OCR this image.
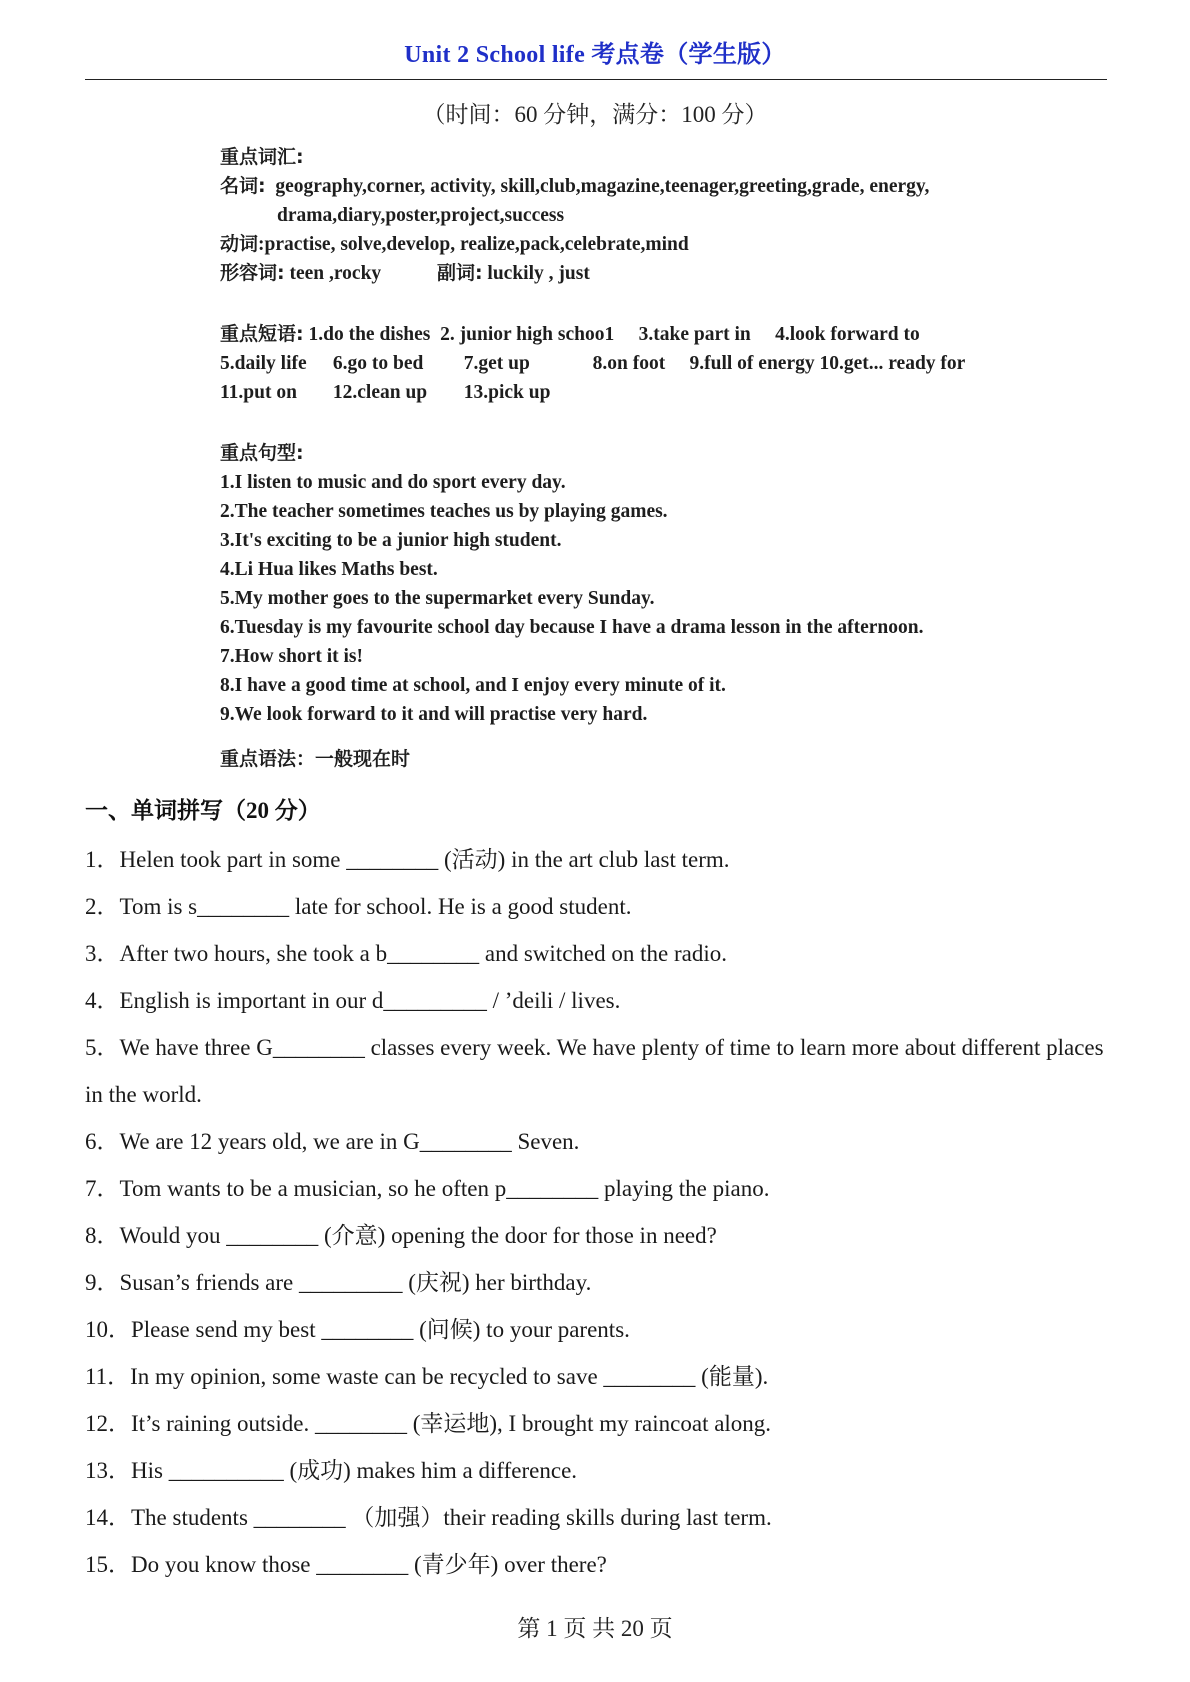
Unit 2 School life 考点卷（学生版）
（时间：60 分钟，满分：100 分）
重点词汇:
名词: geography,corner, activity, skill,club,magazine,teenager,greeting,grade, energy,
drama,diary,poster,project,success
动词:practise, solve,develop, realize,pack,celebrate,mind
形容词: teen ,rocky	副词: luckily , just
重点短语: 1.do the dishes 2. junior high schoo1 3.take part in 4.look forward to
5.daily life 6.go to bed 7.get up	8.on foot 9.full of energy 10.get... ready for
11.put on 12.clean up 13.pick up
重点句型:
1.I listen to music and do sport every day.
2.The teacher sometimes teaches us by playing games.
3.It's exciting to be a junior high student.
4.Li Hua likes Maths best.
5.My mother goes to the supermarket every Sunday.
6.Tuesday is my favourite school day because I have a drama lesson in the afternoon.
7.How short it is!
8.I have a good time at school, and I enjoy every minute of it.
9.We look forward to it and will practise very hard.
重点语法：一般现在时
一、单词拼写（20 分）
1．Helen took part in some ________ (活动) in the art club last term.
2．Tom is s________ late for school. He is a good student.
3．After two hours, she took a b________ and switched on the radio.
4．English is important in our d_________ / ’deili / lives.
5．We have three G________ classes every week. We have plenty of time to learn more about different places in the world.
6．We are 12 years old, we are in G________ Seven.
7．Tom wants to be a musician, so he often p________ playing the piano.
8．Would you ________ (介意) opening the door for those in need?
9．Susan’s friends are _________ (庆祝) her birthday.
10．Please send my best ________ (问候) to your parents.
11．In my opinion, some waste can be recycled to save ________ (能量).
12．It’s raining outside. ________ (幸运地), I brought my raincoat along.
13．His __________ (成功) makes him a difference.
14．The students ________ （加强）their reading skills during last term.
15．Do you know those ________ (青少年) over there?
第 1 页 共 20 页
